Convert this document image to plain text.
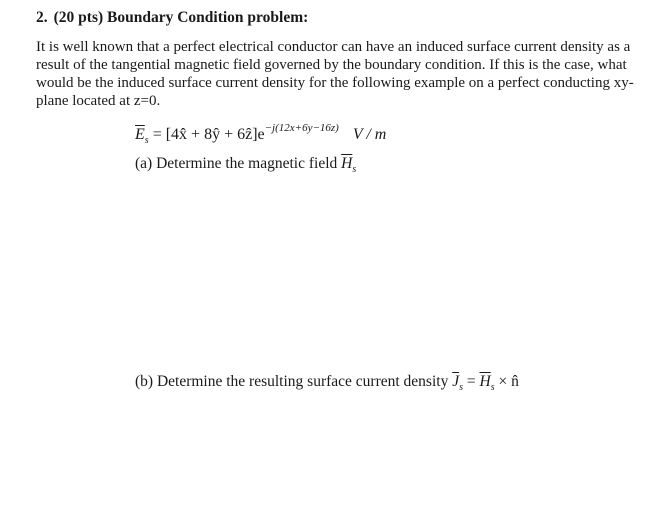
2. (20 pts) Boundary Condition problem:
It is well known that a perfect electrical conductor can have an induced surface current density as a
result of the tangential magnetic field governed by the boundary condition. If this is the case, what
would be the induced surface current density for the following example on a perfect conducting xy-
plane located at z=0.
$\overline{E}_s$ = [4x̂ + 8ŷ + $6ẑ]e^{-j(12x+6y-16z)}$ V / m
(a) Determine the magnetic field $\overline{H}_s$
(b) Determine the resulting surface current density $\overline{J}_s = \overline{H}_s$ × n̂
